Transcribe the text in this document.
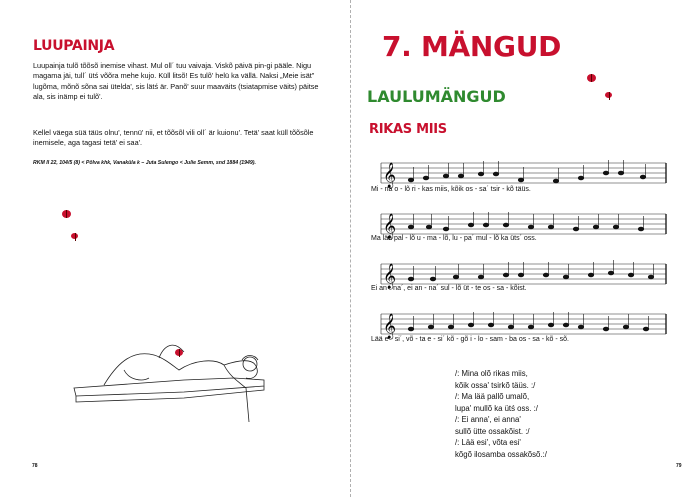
LUUPAINJA
Luupainja tulõ tõõsõ inemise vihast. Mul oll´ tuu vaivaja. Viskõ päivä pin-gi pääle. Nigu magama jäi, tull´ ütś võõra mehe kujo. Küll litsõ! Es tulõ' helü ka vällä. Naksi „Meie isät" lugõma, mõnõ sõna sai ütelda', sis lätś är. Panõ' suur maaväits (tsiatapmise väits) päitse ala, sis inämp ei tulõ'.
Kellel väega süä täüs olnu', tennü' nii, et tõõsõl vili oll´ är kuionu'. Tetä' saat küll tõõsõle inemisele, aga tagasi tetä' ei saa'.
RKM II 22, 104/5 (8) < Põlva khk, Vanaküla k – Juta Sulengo < Julie Semm, snd 1884 (1949).
78
7. MÄNGUD
LAULUMÄNGUD
RIKAS MIIS
𝄞
Mi - na o - lõ ri - kas miis, kõik os - sa´ tsir - kõ täüs.
𝄞
Ma lää pal - lõ u - ma - lõ, lu - pa´ mul - lõ ka üts´ oss.
𝄞
Ei an - na´, ei an - na´ sul - lõ üt - te os - sa - kõist.
𝄞
Lää e - si´, võ - ta e - si´ kõ - gõ i - lo - sam - ba os - sa - kõ - sõ.
/: Mina olõ rikas miis,
kõik ossa' tsirkõ täüs. :/
/: Ma lää pallõ umalõ,
lupa' mullõ ka ütś oss. :/
/: Ei anna', ei anna'
sullõ ütte ossakõist. :/
/: Lää esi', võta esi'
kõgõ ilosamba ossakõsõ.:/
79
